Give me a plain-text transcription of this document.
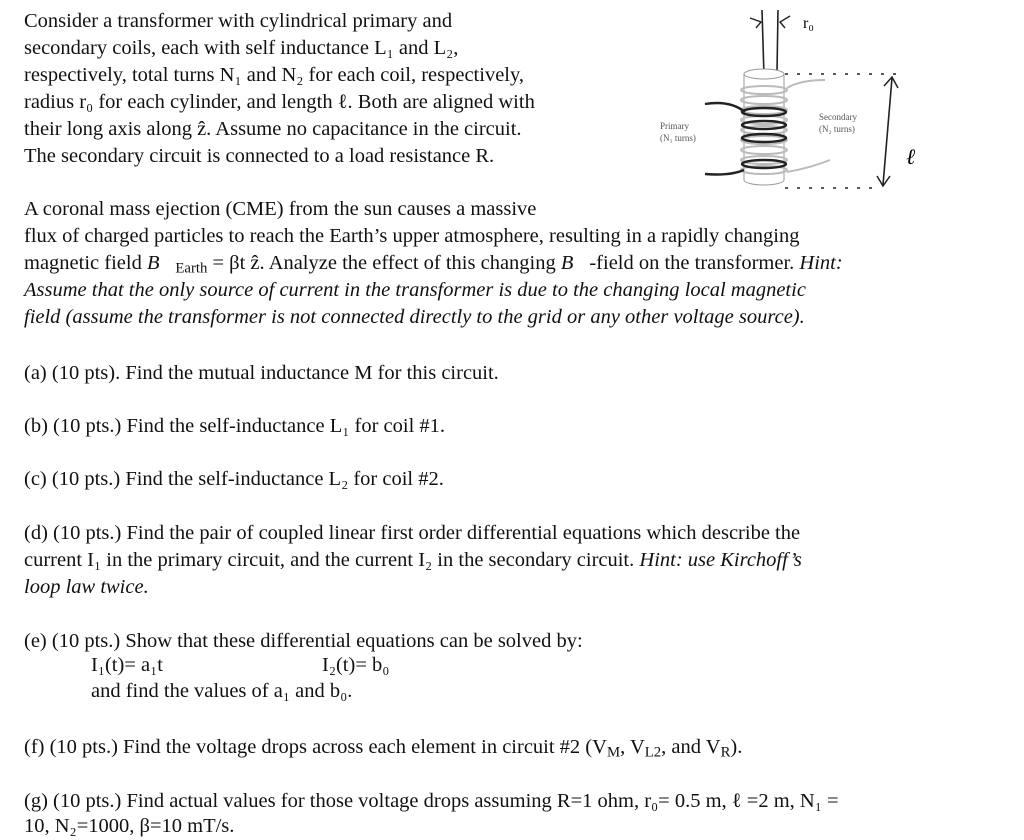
r₀
Primary
(N₁ turns)
Secondary
(N₂ turns)
ℓ
Consider a transformer with cylindrical primary and
secondary coils, each with self inductance L₁ and L₂,
respectively, total turns N₁ and N₂ for each coil, respectively,
radius r₀ for each cylinder, and length ℓ. Both are aligned with
their long axis along ẑ. Assume no capacitance in the circuit.
The secondary circuit is connected to a load resistance R.
A coronal mass ejection (CME) from the sun causes a massive
flux of charged particles to reach the Earth’s upper atmosphere, resulting in a rapidly changing
magnetic field $B⃗_{Earth} = \beta t$ ẑ. Analyze the effect of this changing B⃗-field on the transformer. Hint:
Assume that the only source of current in the transformer is due to the changing local magnetic
field (assume the transformer is not connected directly to the grid or any other voltage source).
(a) (10 pts). Find the mutual inductance M for this circuit.
(b) (10 pts.) Find the self-inductance L₁ for coil #1.
(c) (10 pts.) Find the self-inductance L₂ for coil #2.
(d) (10 pts.) Find the pair of coupled linear first order differential equations which describe the
current I₁ in the primary circuit, and the current I₂ in the secondary circuit. Hint: use Kirchoff’s
loop law twice.
(e) (10 pts.) Show that these differential equations can be solved by:
I₁(t)= a₁t	I₂(t)= b₀
and find the values of a₁ and b₀.
(f) (10 pts.) Find the voltage drops across each element in circuit #2 ($V_M$, $V_{L2}$, and $V_R$).
(g) (10 pts.) Find actual values for those voltage drops assuming R=1 ohm, r₀= 0.5 m, ℓ =2 m, N₁ =
10, N₂=1000, β=10 mT/s.
